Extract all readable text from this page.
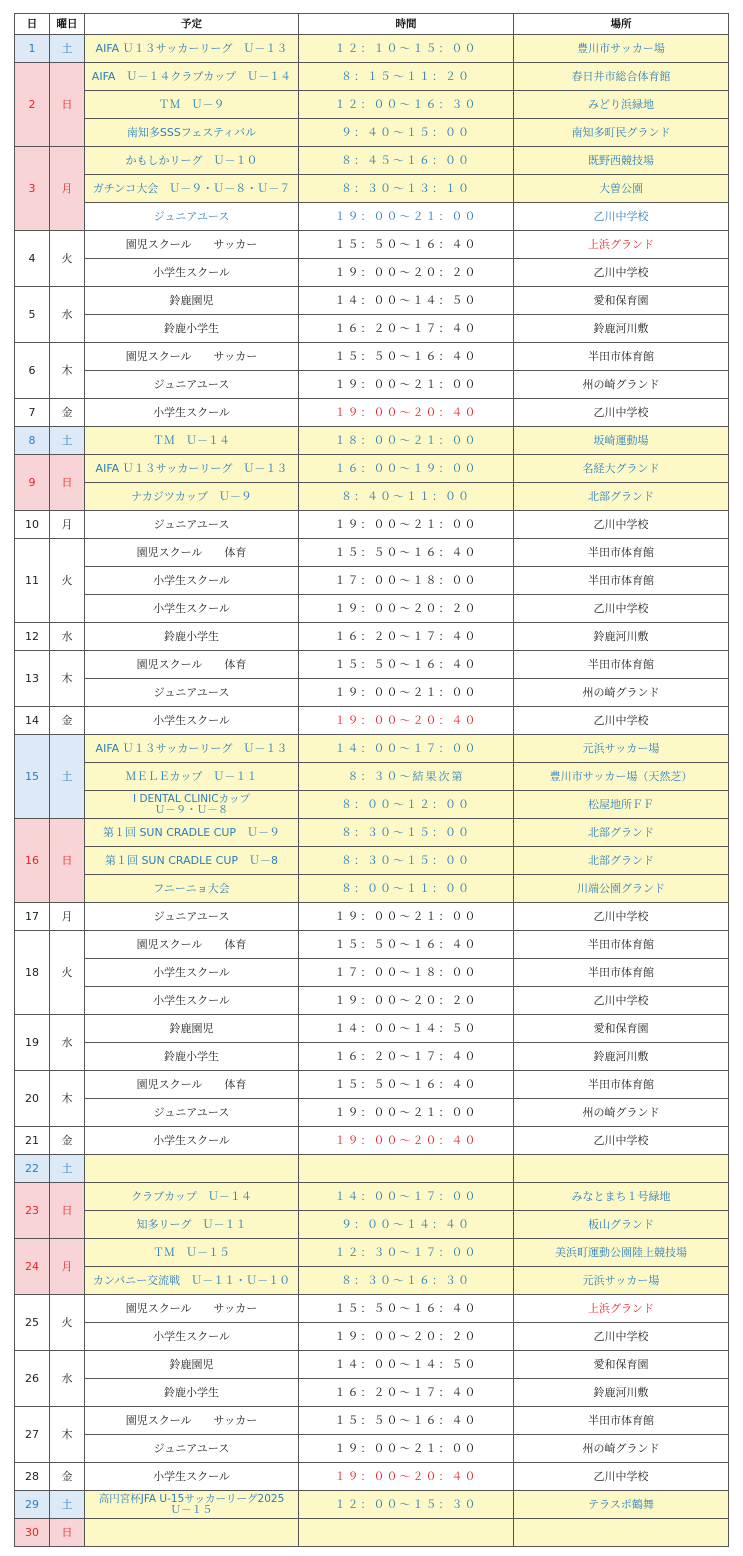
日	曜日	予定	時間	場所
1	土	AIFA Ｕ１３サッカーリーグ　Ｕ－１３	１２：１０～１５：００	豊川市サッカー場
2	日	AIFA　Ｕ－１４クラブカップ　Ｕ－１４	８：１５～１１：２０	春日井市総合体育館
		ＴＭ　Ｕ－９	１２：００～１６：３０	みどり浜緑地
		南知多SSSフェスティバル	９：４０～１５：００	南知多町民グランド
3	月	かもしかリーグ　Ｕ－１０	８：４５～１６：００	既野西競技場
		ガチンコ大会　Ｕ－９・Ｕ－８・Ｕ－７	８：３０～１３：１０	大曽公園
		ジュニアユース	１９：００～２１：００	乙川中学校
4	火	園児スクール　　サッカー	１５：５０～１６：４０	上浜グランド
		小学生スクール	１９：００～２０：２０	乙川中学校
5	水	鈴鹿園児	１４：００～１４：５０	愛和保育園
		鈴鹿小学生	１６：２０～１７：４０	鈴鹿河川敷
6	木	園児スクール　　サッカー	１５：５０～１６：４０	半田市体育館
		ジュニアユース	１９：００～２１：００	州の崎グランド
7	金	小学生スクール	１９：００～２０：４０	乙川中学校
8	土	ＴＭ　Ｕ－１４	１８：００～２１：００	坂崎運動場
9	日	AIFA Ｕ１３サッカーリーグ　Ｕ－１３	１６：００～１９：００	名経大グランド
		ナカジツカップ　Ｕ－９	８：４０～１１：００	北部グランド
10	月	ジュニアユース	１９：００～２１：００	乙川中学校
11	火	園児スクール　　体育	１５：５０～１６：４０	半田市体育館
		小学生スクール	１７：００～１８：００	半田市体育館
		小学生スクール	１９：００～２０：２０	乙川中学校
12	水	鈴鹿小学生	１６：２０～１７：４０	鈴鹿河川敷
13	木	園児スクール　　体育	１５：５０～１６：４０	半田市体育館
		ジュニアユース	１９：００～２１：００	州の崎グランド
14	金	小学生スクール	１９：００～２０：４０	乙川中学校
15	土	AIFA Ｕ１３サッカーリーグ　Ｕ－１３	１４：００～１７：００	元浜サッカー場
		ＭＥＬＥカップ　Ｕ－１１	８：３０～結果次第	豊川市サッカー場（天然芝）
		I DENTAL CLINICカップ
Ｕ－９・Ｕ－８	８：００～１２：００	松屋地所ＦＦ
16	日	第１回 SUN CRADLE CUP　Ｕ－９	８：３０～１５：００	北部グランド
		第１回 SUN CRADLE CUP　Ｕ－8	８：３０～１５：００	北部グランド
		フニーニョ大会	８：００～１１：００	川端公園グランド
17	月	ジュニアユース	１９：００～２１：００	乙川中学校
18	火	園児スクール　　体育	１５：５０～１６：４０	半田市体育館
		小学生スクール	１７：００～１８：００	半田市体育館
		小学生スクール	１９：００～２０：２０	乙川中学校
19	水	鈴鹿園児	１４：００～１４：５０	愛和保育園
		鈴鹿小学生	１６：２０～１７：４０	鈴鹿河川敷
20	木	園児スクール　　体育	１５：５０～１６：４０	半田市体育館
		ジュニアユース	１９：００～２１：００	州の崎グランド
21	金	小学生スクール	１９：００～２０：４０	乙川中学校
22	土			
23	日	クラブカップ　Ｕ－１４	１４：００～１７：００	みなとまち１号緑地
		知多リーグ　Ｕ－１１	９：００～１４：４０	板山グランド
24	月	ＴＭ　Ｕ－１５	１２：３０～１７：００	美浜町運動公園陸上競技場
		カンパニー交流戦　Ｕ－１１・Ｕ－１０	８：３０～１６：３０	元浜サッカー場
25	火	園児スクール　　サッカー	１５：５０～１６：４０	上浜グランド
		小学生スクール	１９：００～２０：２０	乙川中学校
26	水	鈴鹿園児	１４：００～１４：５０	愛和保育園
		鈴鹿小学生	１６：２０～１７：４０	鈴鹿河川敷
27	木	園児スクール　　サッカー	１５：５０～１６：４０	半田市体育館
		ジュニアユース	１９：００～２１：００	州の崎グランド
28	金	小学生スクール	１９：００～２０：４０	乙川中学校
29	土	高円宮杯JFA U-15サッカーリーグ2025
Ｕ－１５	１２：００～１５：３０	テラスポ鶴舞
30	日			
